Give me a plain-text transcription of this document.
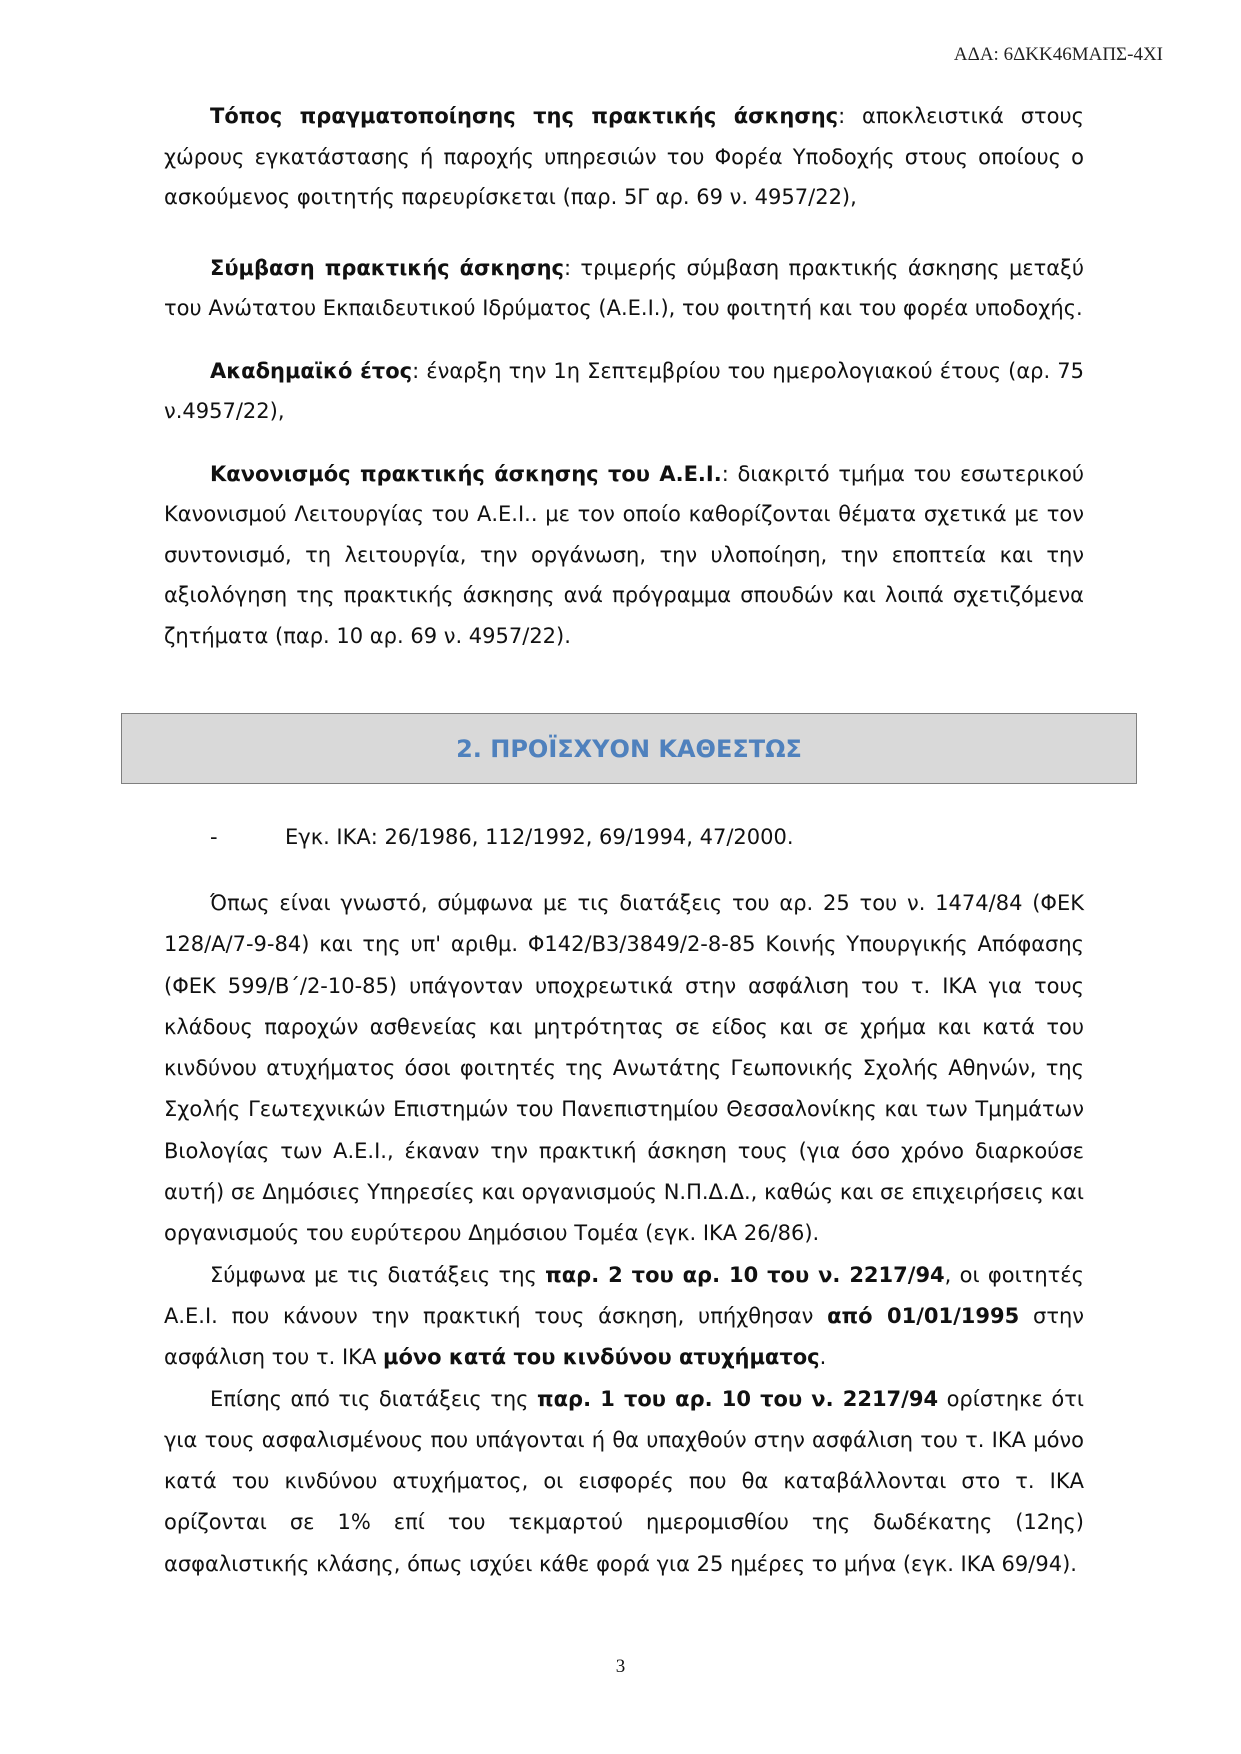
ΑΔΑ: 6ΔΚΚ46ΜΑΠΣ-4ΧΙ

Τόπος πραγματοποίησης της πρακτικής άσκησης: αποκλειστικά στους χώρους εγκατάστασης ή παροχής υπηρεσιών του Φορέα Υποδοχής στους οποίους ο ασκούμενος φοιτητής παρευρίσκεται (παρ. 5Γ αρ. 69 ν. 4957/22),

Σύμβαση πρακτικής άσκησης: τριμερής σύμβαση πρακτικής άσκησης μεταξύ του Ανώτατου Εκπαιδευτικού Ιδρύματος (Α.Ε.Ι.), του φοιτητή και του φορέα υποδοχής.

Ακαδημαϊκό έτος: έναρξη την 1η Σεπτεμβρίου του ημερολογιακού έτους (αρ. 75 ν.4957/22),

Κανονισμός πρακτικής άσκησης του Α.Ε.Ι.: διακριτό τμήμα του εσωτερικού Κανονισμού Λειτουργίας του Α.Ε.Ι.. με τον οποίο καθορίζονται θέματα σχετικά με τον συντονισμό, τη λειτουργία, την οργάνωση, την υλοποίηση, την εποπτεία και την αξιολόγηση της πρακτικής άσκησης ανά πρόγραμμα σπουδών και λοιπά σχετιζόμενα ζητήματα (παρ. 10 αρ. 69 ν. 4957/22).

2. ΠΡΟΪΣΧΥΟΝ ΚΑΘΕΣΤΩΣ
-	Εγκ. ΙΚΑ: 26/1986, 112/1992, 69/1994, 47/2000.

Όπως είναι γνωστό, σύμφωνα με τις διατάξεις του αρ. 25 του ν. 1474/84 (ΦΕΚ 128/Α/7-9-84) και της υπ' αριθμ. Φ142/Β3/3849/2-8-85 Κοινής Υπουργικής Απόφασης (ΦΕΚ 599/Β΄/2-10-85) υπάγονταν υποχρεωτικά στην ασφάλιση του τ. ΙΚΑ για τους κλάδους παροχών ασθενείας και μητρότητας σε είδος και σε χρήμα και κατά του κινδύνου ατυχήματος όσοι φοιτητές της Ανωτάτης Γεωπονικής Σχολής Αθηνών, της Σχολής Γεωτεχνικών Επιστημών του Πανεπιστημίου Θεσσαλονίκης και των Τμημάτων Βιολογίας των Α.Ε.Ι., έκαναν την πρακτική άσκηση τους (για όσο χρόνο διαρκούσε αυτή) σε Δημόσιες Υπηρεσίες και οργανισμούς Ν.Π.Δ.Δ., καθώς και σε επιχειρήσεις και οργανισμούς του ευρύτερου Δημόσιου Τομέα (εγκ. ΙΚΑ 26/86).

Σύμφωνα με τις διατάξεις της παρ. 2 του αρ. 10 του ν. 2217/94, οι φοιτητές Α.Ε.Ι. που κάνουν την πρακτική τους άσκηση, υπήχθησαν από 01/01/1995 στην ασφάλιση του τ. ΙΚΑ μόνο κατά του κινδύνου ατυχήματος.

Επίσης από τις διατάξεις της παρ. 1 του αρ. 10 του ν. 2217/94 ορίστηκε ότι για τους ασφαλισμένους που υπάγονται ή θα υπαχθούν στην ασφάλιση του τ. ΙΚΑ μόνο κατά του κινδύνου ατυχήματος, οι εισφορές που θα καταβάλλονται στο τ. ΙΚΑ ορίζονται σε 1% επί του τεκμαρτού ημερομισθίου της δωδέκατης (12ης) ασφαλιστικής κλάσης, όπως ισχύει κάθε φορά για 25 ημέρες το μήνα (εγκ. ΙΚΑ 69/94).

3
